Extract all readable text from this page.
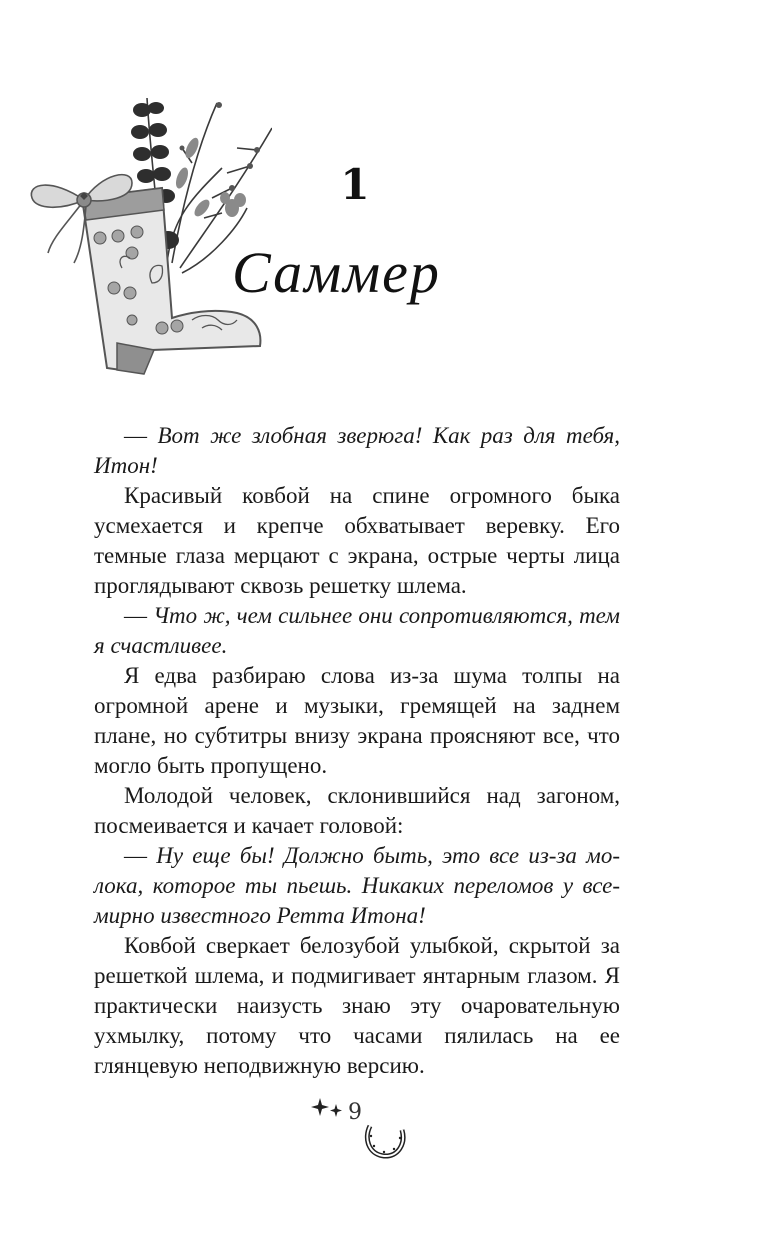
1
Саммер

— Вот же злобная зверюга! Как раз для тебя, Итон!

Красивый ковбой на спине огромного быка усмехается и крепче обхватывает веревку. Его темные глаза мерцают с экрана, острые черты лица проглядывают сквозь решетку шлема.

— Что ж, чем сильнее они сопротивляются, тем я счастливее.

Я едва разбираю слова из-за шума толпы на огромной арене и музыки, гремящей на заднем плане, но субтитры внизу экрана проясняют все, что могло быть пропущено.

Молодой человек, склонившийся над загоном, посмеивается и качает головой:

— Ну еще бы! Должно быть, это все из-за молока, которое ты пьешь. Никаких переломов у всемирно известного Ретта Итона!

Ковбой сверкает белозубой улыбкой, скрытой за решеткой шлема, и подмигивает янтарным глазом. Я практически наизусть знаю эту очаровательную ухмылку, потому что часами пялилась на ее глянцевую неподвижную версию.

9
